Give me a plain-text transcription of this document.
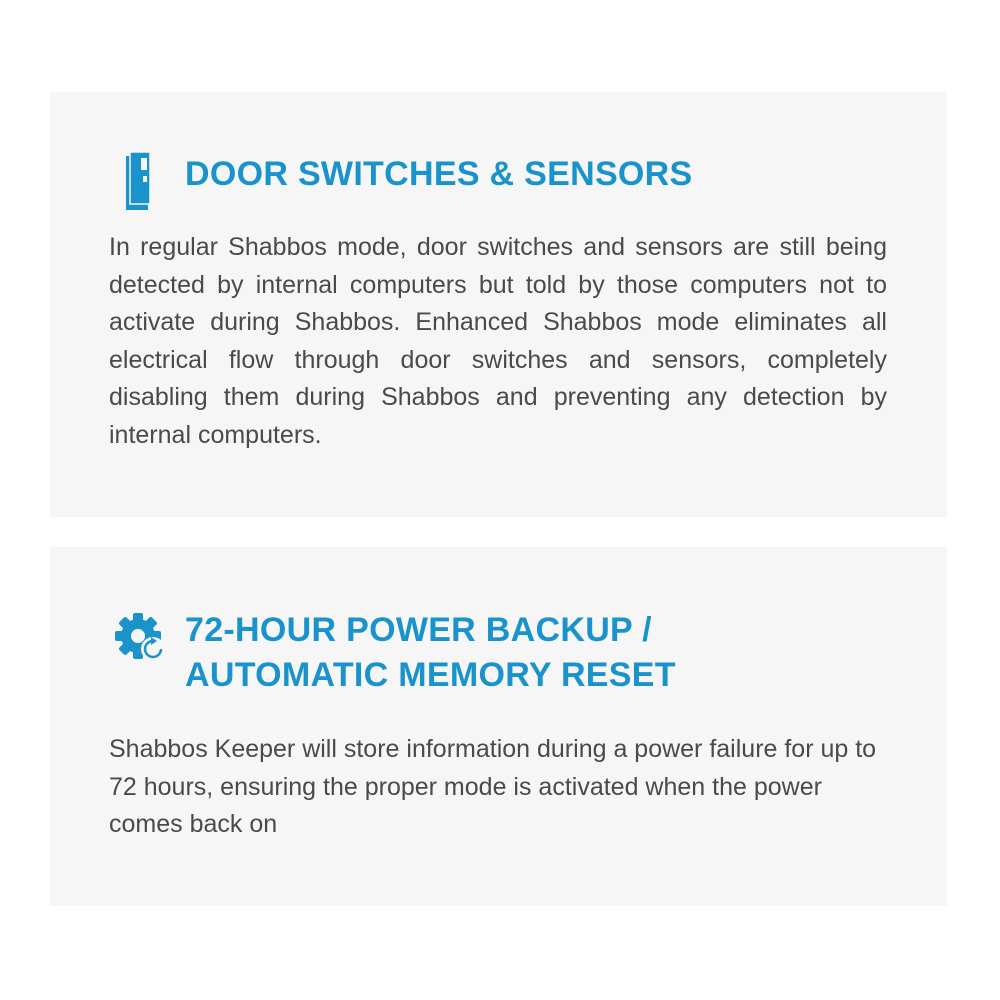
DOOR SWITCHES & SENSORS

In regular Shabbos mode, door switches and sensors are still being detected by internal computers but told by those computers not to activate during Shabbos. Enhanced Shabbos mode eliminates all electrical flow through door switches and sensors, completely disabling them during Shabbos and preventing any detection by internal computers.

72-HOUR POWER BACKUP /
AUTOMATIC MEMORY RESET

Shabbos Keeper will store information during a power failure for up to 72 hours, ensuring the proper mode is activated when the power comes back on
